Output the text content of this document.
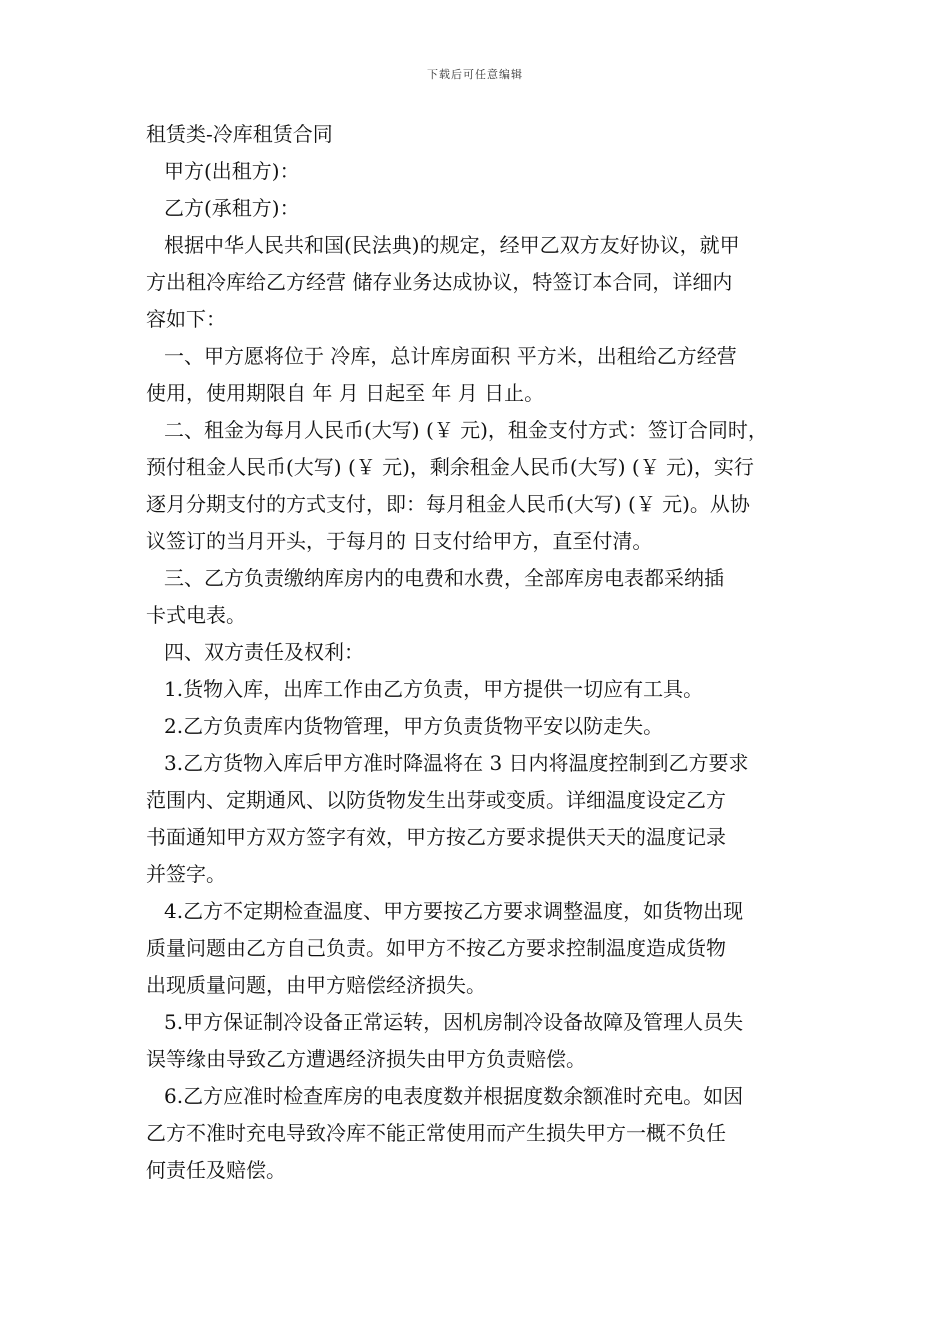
下载后可任意编辑
租赁类-冷库租赁合同
甲方(出租方)：
乙方(承租方)：
根据中华人民共和国(民法典)的规定，经甲乙双方友好协议，就甲
方出租冷库给乙方经营 储存业务达成协议，特签订本合同，详细内
容如下：
一、甲方愿将位于 冷库，总计库房面积 平方米，出租给乙方经营
使用，使用期限自 年 月 日起至 年 月 日止。
二、租金为每月人民币(大写) (￥ 元)，租金支付方式：签订合同时，
预付租金人民币(大写) (￥ 元)，剩余租金人民币(大写) (￥ 元)，实行
逐月分期支付的方式支付，即：每月租金人民币(大写) (￥ 元)。从协
议签订的当月开头，于每月的 日支付给甲方，直至付清。
三、乙方负责缴纳库房内的电费和水费，全部库房电表都采纳插
卡式电表。
四、双方责任及权利：
1.货物入库，出库工作由乙方负责，甲方提供一切应有工具。
2.乙方负责库内货物管理，甲方负责货物平安以防走失。
3.乙方货物入库后甲方准时降温将在 3 日内将温度控制到乙方要求
范围内、定期通风、以防货物发生出芽或变质。详细温度设定乙方
书面通知甲方双方签字有效，甲方按乙方要求提供天天的温度记录
并签字。
4.乙方不定期检查温度、甲方要按乙方要求调整温度，如货物出现
质量问题由乙方自己负责。如甲方不按乙方要求控制温度造成货物
出现质量问题，由甲方赔偿经济损失。
5.甲方保证制冷设备正常运转，因机房制冷设备故障及管理人员失
误等缘由导致乙方遭遇经济损失由甲方负责赔偿。
6.乙方应准时检查库房的电表度数并根据度数余额准时充电。如因
乙方不准时充电导致冷库不能正常使用而产生损失甲方一概不负任
何责任及赔偿。
